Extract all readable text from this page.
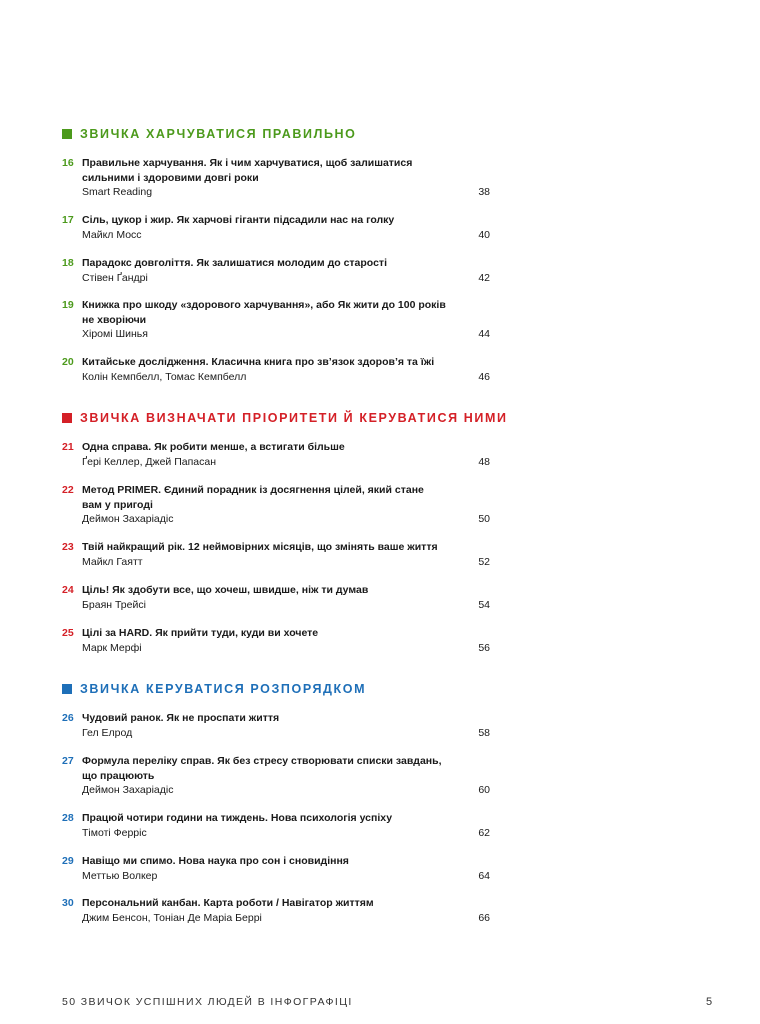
ЗВИЧКА ХАРЧУВАТИСЯ ПРАВИЛЬНО
16 Правильне харчування. Як і чим харчуватися, щоб залишатися
сильними і здоровими довгі роки
Smart Reading	38
17 Сіль, цукор і жир. Як харчові гіганти підсадили нас на голку
Майкл Мосс	40
18 Парадокс довголіття. Як залишатися молодим до старості
Стівен Ґандрі	42
19 Книжка про шкоду «здорового харчування», або Як жити до 100 років
не хворіючи
Хіромі Шинья	44
20 Китайське дослідження. Класична книга про зв’язок здоров’я та їжі
Колін Кемпбелл, Томас Кемпбелл	46
ЗВИЧКА ВИЗНАЧАТИ ПРІОРИТЕТИ Й КЕРУВАТИСЯ НИМИ
21 Одна справа. Як робити менше, а встигати більше
Ґері Келлер, Джей Папасан	48
22 Метод PRIMER. Єдиний порадник із досягнення цілей, який стане
вам у пригоді
Деймон Захаріадіс	50
23 Твій найкращий рік. 12 неймовірних місяців, що змінять ваше життя
Майкл Гаятт	52
24 Ціль! Як здобути все, що хочеш, швидше, ніж ти думав
Браян Трейсі	54
25 Цілі за HARD. Як прийти туди, куди ви хочете
Марк Мерфі	56
ЗВИЧКА КЕРУВАТИСЯ РОЗПОРЯДКОМ
26 Чудовий ранок. Як не проспати життя
Гел Елрод	58
27 Формула переліку справ. Як без стресу створювати списки завдань,
що працюють
Деймон Захаріадіс	60
28 Працюй чотири години на тиждень. Нова психологія успіху
Тімоті Ферріс	62
29 Навіщо ми спимо. Нова наука про сон і сновидіння
Меттью Волкер	64
30 Персональний канбан. Карта роботи / Навігатор життям
Джим Бенсон, Тоніан Де Маріа Беррі	66
50 ЗВИЧОК УСПІШНИХ ЛЮДЕЙ В ІНФОГРАФІЦІ	5
